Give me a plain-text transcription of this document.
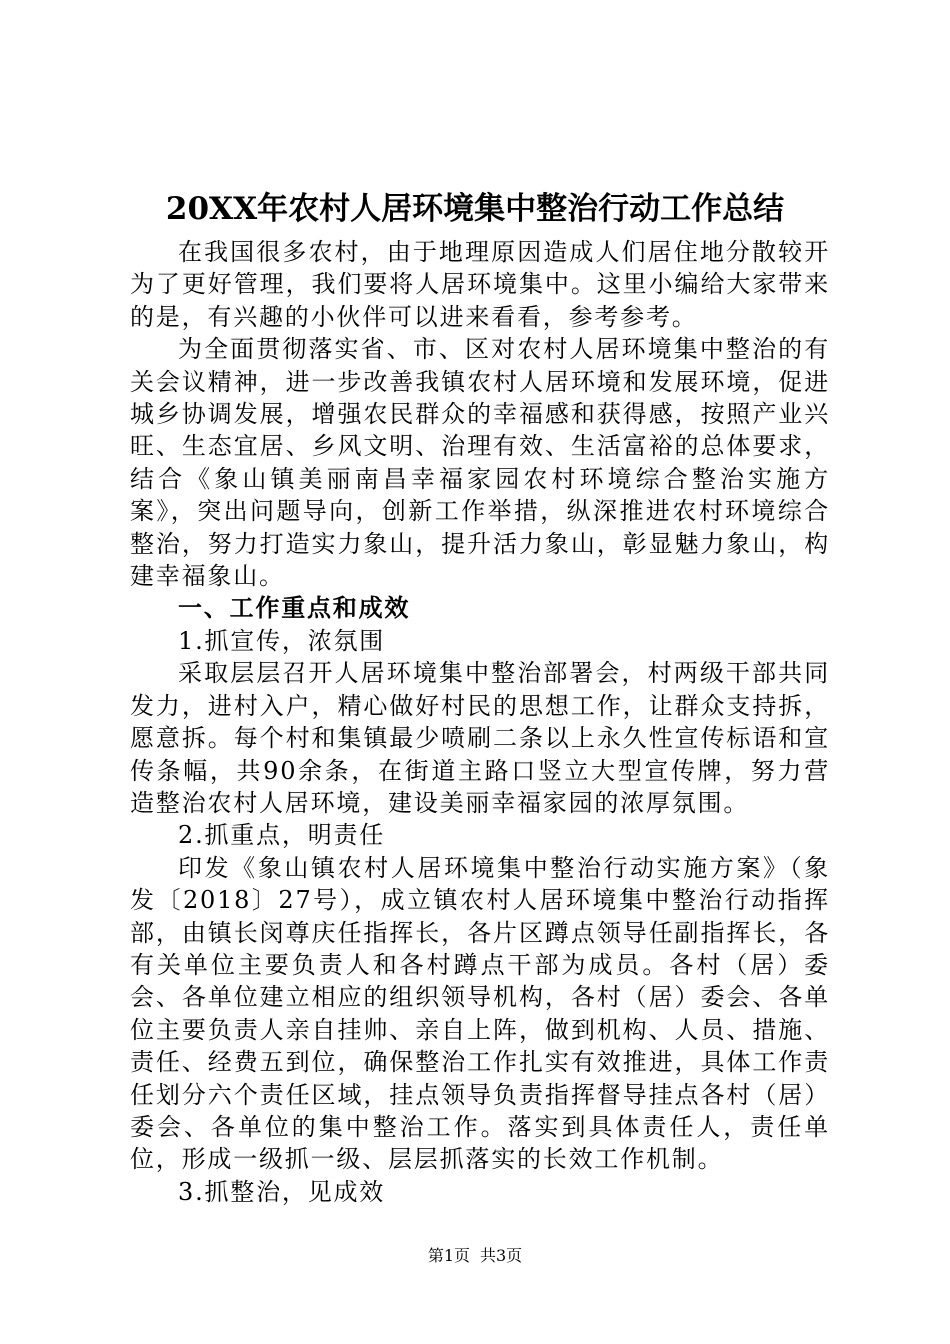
20XX年农村人居环境集中整治行动工作总结

在我国很多农村，由于地理原因造成人们居住地分散较开为了更好管理，我们要将人居环境集中。这里小编给大家带来的是，有兴趣的小伙伴可以进来看看，参考参考。

为全面贯彻落实省、市、区对农村人居环境集中整治的有关会议精神，进一步改善我镇农村人居环境和发展环境，促进城乡协调发展，增强农民群众的幸福感和获得感，按照产业兴旺、生态宜居、乡风文明、治理有效、生活富裕的总体要求，结合《象山镇美丽南昌幸福家园农村环境综合整治实施方案》，突出问题导向，创新工作举措，纵深推进农村环境综合整治，努力打造实力象山，提升活力象山，彰显魅力象山，构建幸福象山。

一、工作重点和成效

1.抓宣传，浓氛围

采取层层召开人居环境集中整治部署会，村两级干部共同发力，进村入户，精心做好村民的思想工作，让群众支持拆，愿意拆。每个村和集镇最少喷刷二条以上永久性宣传标语和宣传条幅，共90余条，在街道主路口竖立大型宣传牌，努力营造整治农村人居环境，建设美丽幸福家园的浓厚氛围。

2.抓重点，明责任

印发《象山镇农村人居环境集中整治行动实施方案》（象发〔2018〕27号），成立镇农村人居环境集中整治行动指挥部，由镇长闵尊庆任指挥长，各片区蹲点领导任副指挥长，各有关单位主要负责人和各村蹲点干部为成员。各村（居）委会、各单位建立相应的组织领导机构，各村（居）委会、各单位主要负责人亲自挂帅、亲自上阵，做到机构、人员、措施、责任、经费五到位，确保整治工作扎实有效推进，具体工作责任划分六个责任区域，挂点领导负责指挥督导挂点各村（居）委会、各单位的集中整治工作。落实到具体责任人，责任单位，形成一级抓一级、层层抓落实的长效工作机制。

3.抓整治，见成效

第1页 共3页
